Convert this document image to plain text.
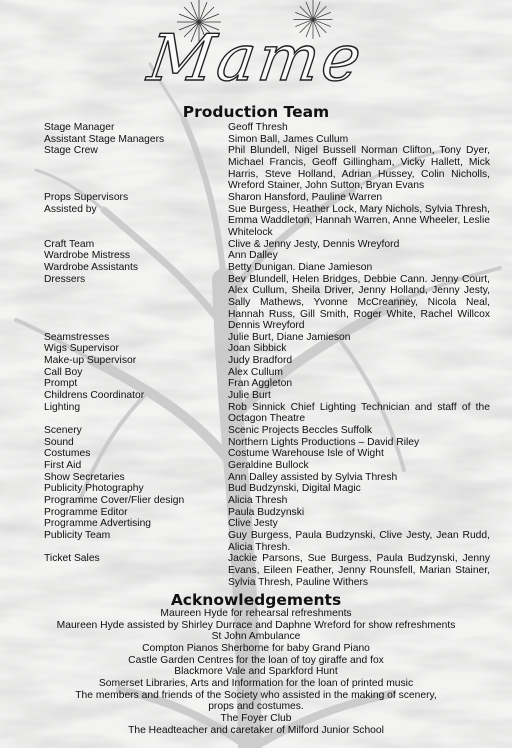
Mame
Production Team
Stage Manager	Geoff Thresh
Assistant Stage Managers	Simon Ball, James Cullum
Stage Crew	Phil Blundell, Nigel Bussell Norman Clifton, Tony Dyer, Michael Francis, Geoff Gillingham, Vicky Hallett, Mick Harris, Steve Holland, Adrian Hussey, Colin Nicholls, Wreford Stainer, John Sutton, Bryan Evans
Props Supervisors	Sharon Hansford, Pauline Warren
Assisted by	Sue Burgess, Heather Lock, Mary Nichols, Sylvia Thresh, Emma Waddleton, Hannah Warren, Anne Wheeler, Leslie Whitelock
Craft Team	Clive & Jenny Jesty, Dennis Wreyford
Wardrobe Mistress	Ann Dalley
Wardrobe Assistants	Betty Dunigan. Diane Jamieson
Dressers	Bev Blundell, Helen Bridges, Debbie Cann. Jenny Court, Alex Cullum, Sheila Driver, Jenny Holland, Jenny Jesty, Sally Mathews, Yvonne McCreanney, Nicola Neal, Hannah Russ, Gill Smith, Roger White, Rachel Willcox Dennis Wreyford
Seamstresses	Julie Burt, Diane Jamieson
Wigs Supervisor	Joan Sibbick
Make-up Supervisor	Judy Bradford
Call Boy	Alex Cullum
Prompt	Fran Aggleton
Childrens Coordinator	Julie Burt
Lighting	Rob Sinnick Chief Lighting Technician and staff of the Octagon Theatre
Scenery	Scenic Projects Beccles Suffolk
Sound	Northern Lights Productions – David Riley
Costumes	Costume Warehouse Isle of Wight
First Aid	Geraldine Bullock
Show Secretaries	Ann Dalley assisted by Sylvia Thresh
Publicity Photography	Bud Budzynski, Digital Magic
Programme Cover/Flier design	Alicia Thresh
Programme Editor	Paula Budzynski
Programme Advertising	Clive Jesty
Publicity Team	Guy Burgess, Paula Budzynski, Clive Jesty, Jean Rudd, Alicia Thresh.
Ticket Sales	Jackie Parsons, Sue Burgess, Paula Budzynski, Jenny Evans, Eileen Feather, Jenny Rounsfell, Marian Stainer, Sylvia Thresh, Pauline Withers
Acknowledgements
Maureen Hyde for rehearsal refreshments
Maureen Hyde assisted by Shirley Durrace and Daphne Wreford for show refreshments
St John Ambulance
Compton Pianos Sherborne for baby Grand Piano
Castle Garden Centres for the loan of toy giraffe and fox
Blackmore Vale and Sparkford Hunt
Somerset Libraries, Arts and Information for the loan of printed music
The members and friends of the Society who assisted in the making of scenery,
props and costumes.
The Foyer Club
The Headteacher and caretaker of Milford Junior School
